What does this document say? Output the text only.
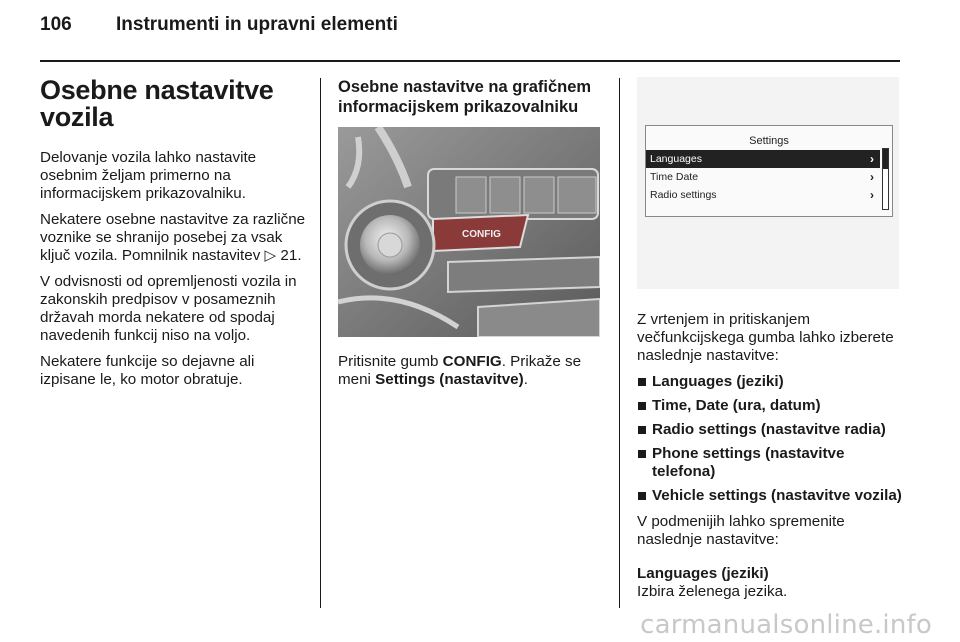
106 Instrumenti in upravni elementi
Osebne nastavitve vozila

Delovanje vozila lahko nastavite osebnim željam primerno na informacijskem prikazovalniku.

Nekatere osebne nastavitve za različne voznike se shranijo posebej za vsak ključ vozila. Pomnilnik nastavitev ▷ 21.

V odvisnosti od opremljenosti vozila in zakonskih predpisov v posameznih državah morda nekatere od spodaj navedenih funkcij niso na voljo.

Nekatere funkcije so dejavne ali izpisane le, ko motor obratuje.

Osebne nastavitve na grafičnem informacijskem prikazovalniku
CONFIG

Pritisnite gumb CONFIG. Prikaže se meni Settings (nastavitve).

Settings
Languages	›
Time Date	›
Radio settings	›

Z vrtenjem in pritiskanjem večfunkcijskega gumba lahko izberete naslednje nastavitve:

Languages (jeziki)
Time, Date (ura, datum)
Radio settings (nastavitve radia)
Phone settings (nastavitve telefona)
Vehicle settings (nastavitve vozila)

V podmenijih lahko spremenite naslednje nastavitve:

Languages (jeziki)
Izbira želenega jezika.
carmanualsonline.info
